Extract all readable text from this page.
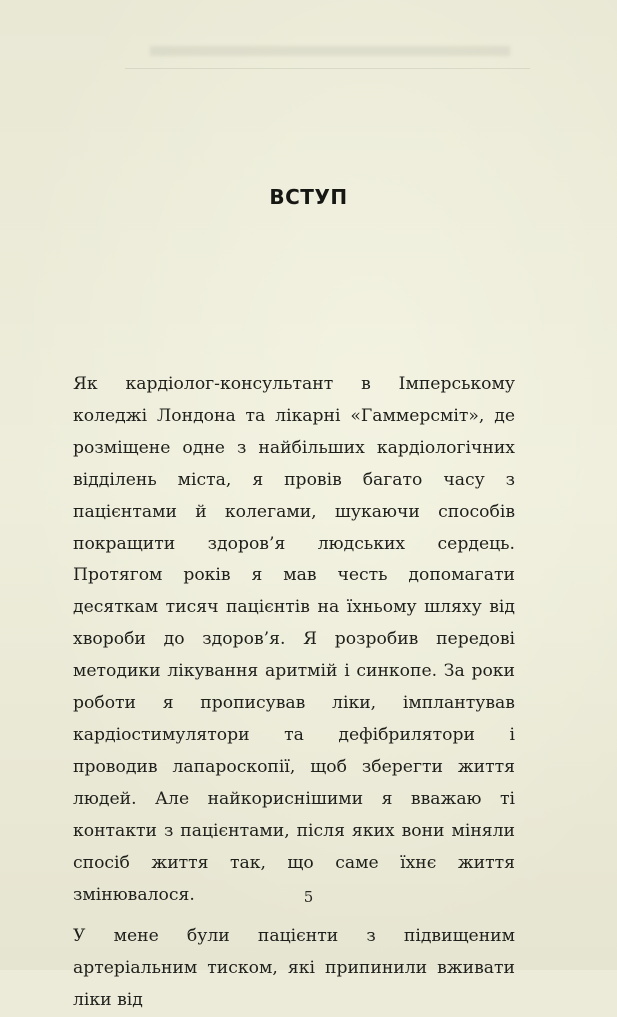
ВСТУП

Як кардіолог-консультант в Імперському коледжі Лондона та лікарні «Гаммерсміт», де розміщене одне з найбільших кардіологічних відділень міста, я провів багато часу з пацієнтами й колегами, шукаючи способів покращити здоров’я людських сердець. Протягом років я мав честь допомагати десяткам тисяч пацієнтів на їхньому шляху від хвороби до здоров’я. Я розробив передові методики лікування аритмій і синкопе. За роки роботи я прописував ліки, імплантував кардіостимулятори та дефібрилятори і проводив лапароскопії, щоб зберегти життя людей. Але найкориснішими я вважаю ті контакти з пацієнтами, після яких вони міняли спосіб життя так, що саме їхнє життя змінювалося.

У мене були пацієнти з підвищеним артеріальним тиском, які припинили вживати ліки від

5
